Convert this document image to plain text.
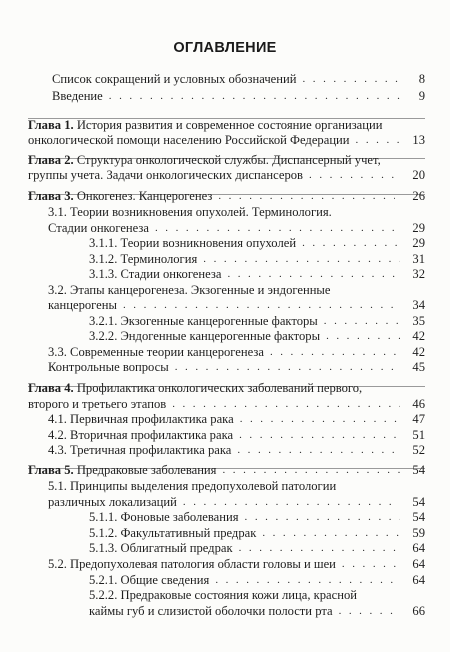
ОГЛАВЛЕНИЕ
Список сокращений и условных обозначений . . .	8
Введение . . .	9
Глава 1. История развития и современное состояние организации
онкологической помощи населению Российской Федерации . . .	13
Глава 2. Структура онкологической службы. Диспансерный учет,
группы учета. Задачи онкологических диспансеров . . .	20
Глава 3. Онкогенез. Канцерогенез . . .	26
3.1. Теории возникновения опухолей. Терминология.
Стадии онкогенеза . . .	29
3.1.1. Теории возникновения опухолей . . .	29
3.1.2. Терминология . . .	31
3.1.3. Стадии онкогенеза . . .	32
3.2. Этапы канцерогенеза. Экзогенные и эндогенные
канцерогены . . .	34
3.2.1. Экзогенные канцерогенные факторы . . .	35
3.2.2. Эндогенные канцерогенные факторы . . .	42
3.3. Современные теории канцерогенеза . . .	42
Контрольные вопросы . . .	45
Глава 4. Профилактика онкологических заболеваний первого,
второго и третьего этапов . . .	46
4.1. Первичная профилактика рака . . .	47
4.2. Вторичная профилактика рака . . .	51
4.3. Третичная профилактика рака . . .	52
Глава 5. Предраковые заболевания . . .	54
5.1. Принципы выделения предопухолевой патологии
различных локализаций . . .	54
5.1.1. Фоновые заболевания . . .	54
5.1.2. Факультативный предрак . . .	59
5.1.3. Облигатный предрак . . .	64
5.2. Предопухолевая патология области головы и шеи . . .	64
5.2.1. Общие сведения . . .	64
5.2.2. Предраковые состояния кожи лица, красной
каймы губ и слизистой оболочки полости рта . . .	66
